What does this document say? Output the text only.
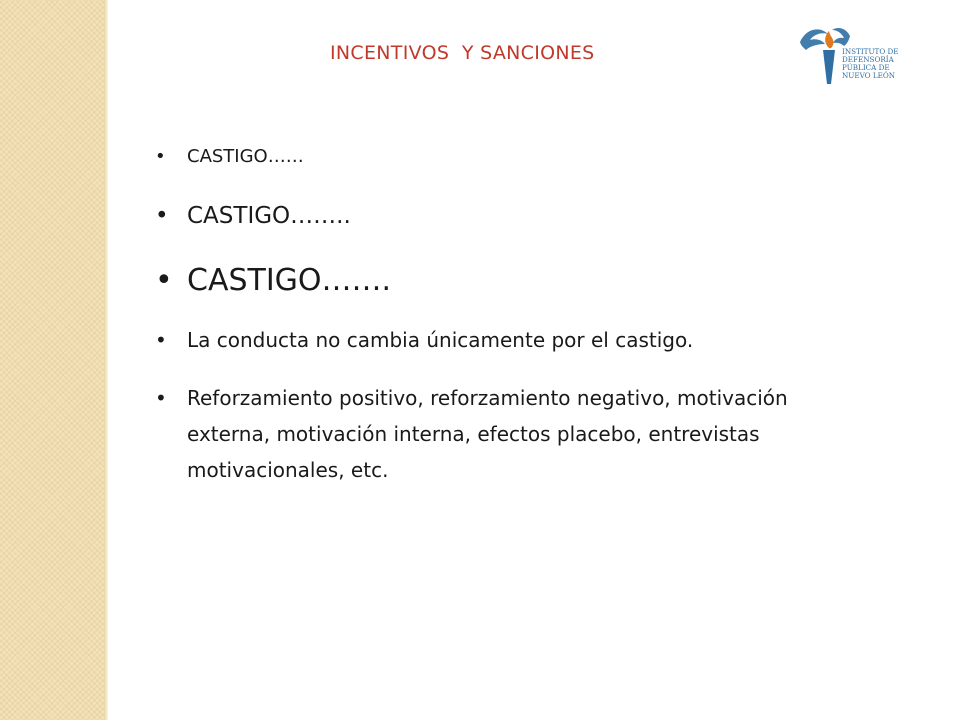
INCENTIVOS  Y SANCIONES	INSTITUTO DE
DEFENSORÍA
PÚBLICA DE
NUEVO LEÓN
• CASTIGO……
• CASTIGO……..
• CASTIGO…….
• La conducta no cambia únicamente por el castigo.
• Reforzamiento positivo, reforzamiento negativo, motivación externa, motivación interna, efectos placebo, entrevistas motivacionales, etc.
